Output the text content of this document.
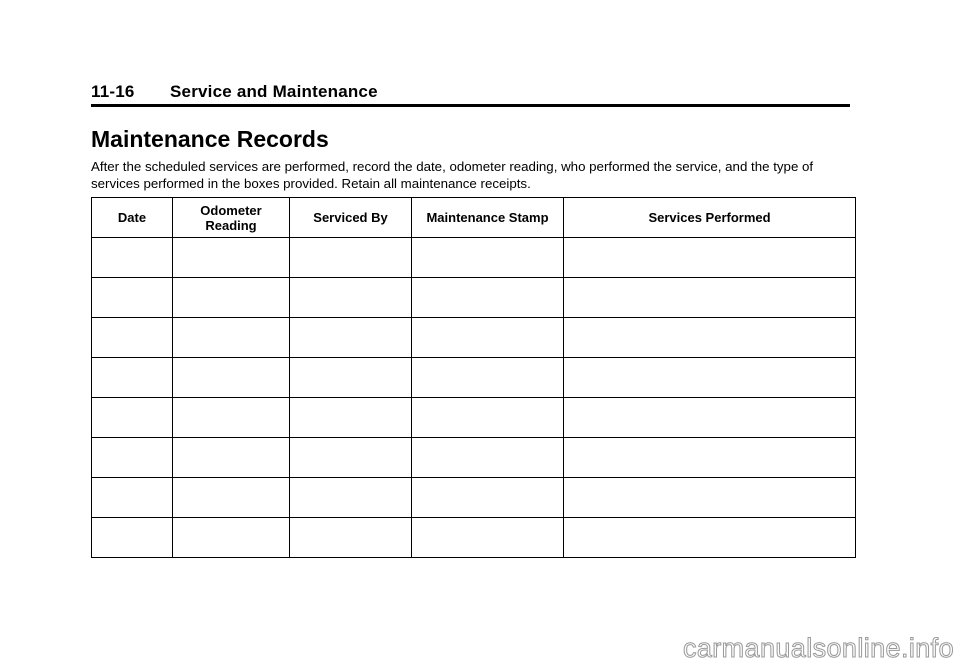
11-16 Service and Maintenance
Maintenance Records

After the scheduled services are performed, record the date, odometer reading, who performed the service, and the type of services performed in the boxes provided. Retain all maintenance receipts.

Date	Odometer Reading	Serviced By	Maintenance Stamp	Services Performed

carmanualsonline.info
